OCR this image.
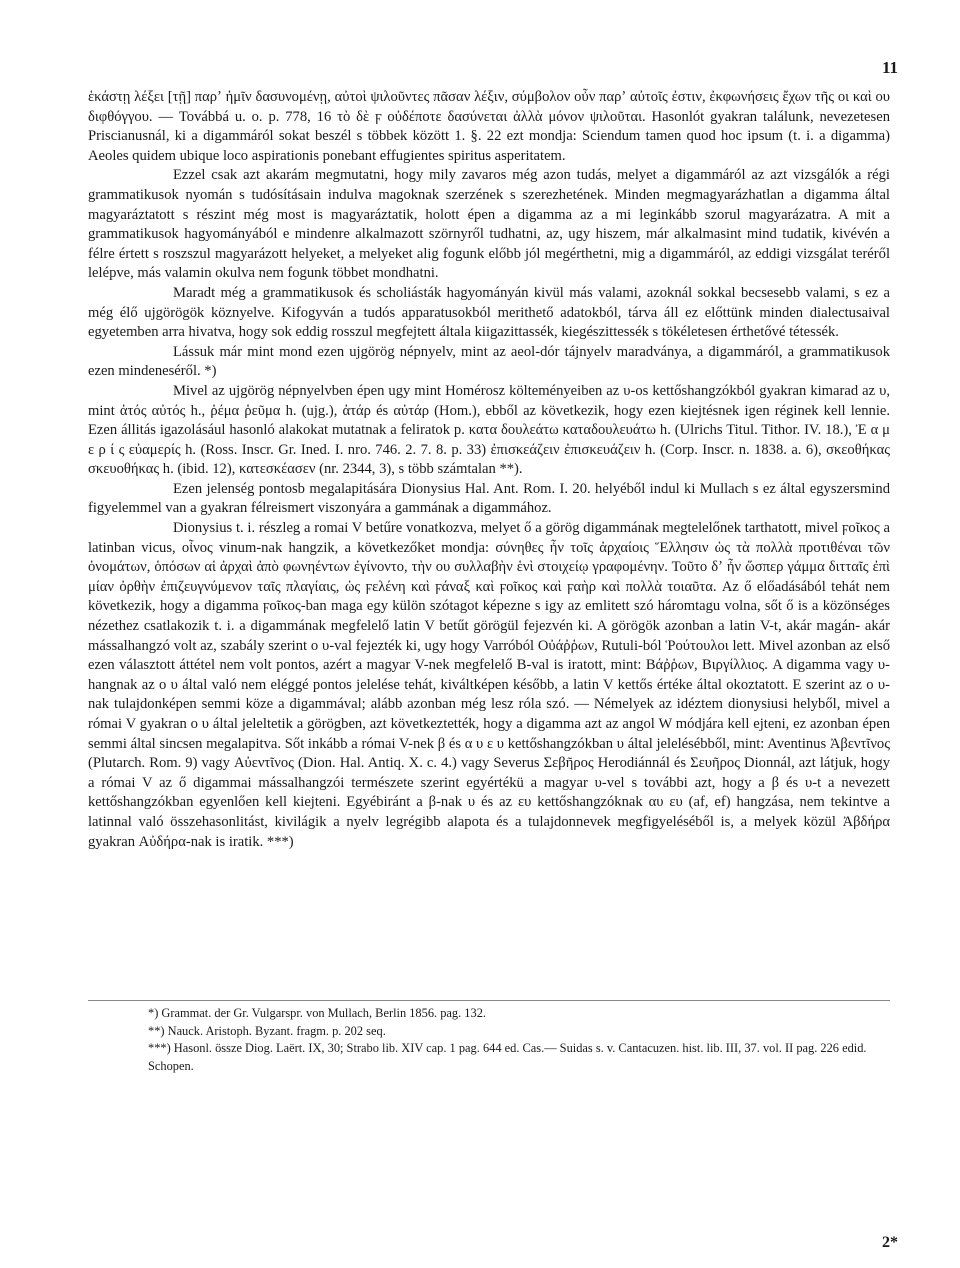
11

ἑκάστῃ λέξει [τῇ] παρʼ ἡμῖν δασυνομένῃ, αὐτοὶ ψιλοῦντες πᾶσαν λέξιν, σύμβολον οὖν παρʼ αὐτοῖς ἐστιν, ἐκφωνήσεις ἔχων τῆς οι καὶ ου διφθόγγου. — Továbbá u. o. p. 778, 16 τὸ δὲ ϝ οὐδέποτε δασύνεται ἀλλὰ μόνον ψιλοῦται. Hasonlót gyakran találunk, nevezetesen Priscianusnál, ki a digammáról sokat beszél s többek között 1. §. 22 ezt mondja: Sciendum tamen quod hoc ipsum (t. i. a digamma) Aeoles quidem ubique loco aspirationis ponebant effugientes spiritus asperitatem.

Ezzel csak azt akarám megmutatni, hogy mily zavaros még azon tudás, melyet a digammáról az azt vizsgálók a régi grammatikusok nyomán s tudósításain indulva magoknak szerzének s szerezhetének. Minden megmagyarázhatlan a digamma által magyaráztatott s részint még most is magyaráztatik, holott épen a digamma az a mi leginkább szorul magyarázatra. A mit a grammatikusok hagyományából e mindenre alkalmazott szörnyről tudhatni, az, ugy hiszem, már alkalmasint mind tudatik, kivévén a félre értett s roszszul magyarázott helyeket, a melyeket alig fogunk előbb jól megérthetni, mig a digammáról, az eddigi vizsgálat teréről lelépve, más valamin okulva nem fogunk többet mondhatni.

Maradt még a grammatikusok és scholiásták hagyományán kivül más valami, azoknál sokkal becsesebb valami, s ez a még élő ujgörögök köznyelve. Kifogyván a tudós apparatusokból merithető adatokból, tárva áll ez előttünk minden dialectusaival egyetemben arra hivatva, hogy sok eddig rosszul megfejtett általa kiigazittassék, kiegészittessék s tökéletesen érthetővé tétessék.

Lássuk már mint mond ezen ujgörög népnyelv, mint az aeol-dór tájnyelv maradványa, a digammáról, a grammatikusok ezen mindeneséről. *)

Mivel az ujgörög népnyelvben épen ugy mint Homérosz költeményeiben az υ-os kettőshangzókból gyakran kimarad az υ, mint ἀτός αὐτός h., ῥέμα ῥεῦμα h. (ujg.), ἀτάρ és αὐτάρ (Hom.), ebből az következik, hogy ezen kiejtésnek igen réginek kell lennie. Ezen állitás igazolásául hasonló alakokat mutatnak a feliratok p. κατα δουλεάτω καταδουλευάτω h. (Ulrichs Titul. Tithor. IV. 18.), Ἐ α μ ε ρ ί ς εὐαμερίς h. (Ross. Inscr. Gr. Ined. I. nro. 746. 2. 7. 8. p. 33) ἐπισκεάζειν ἐπισκευάζειν h. (Corp. Inscr. n. 1838. a. 6), σκεοθήκας σκευοθήκας h. (ibid. 12), κατεσκέασεν (nr. 2344, 3), s több számtalan **).

Ezen jelenség pontosb megalapitására Dionysius Hal. Ant. Rom. I. 20. helyéből indul ki Mullach s ez által egyszersmind figyelemmel van a gyakran félreismert viszonyára a gammának a digammához.

Dionysius t. i. részleg a romai V betűre vonatkozva, melyet ő a görög digammának megtelelőnek tarthatott, mivel ϝοῖκος a latinban vicus, οἶνος vinum-nak hangzik, a következőket mondja: σύνηθες ἦν τοῖς ἀρχαίοις Ἕλλησιν ὡς τὰ πολλὰ προτιθέναι τῶν ὀνομάτων, ὁπόσων αἱ ἀρχαὶ ἀπὸ φωνηέντων ἐγίνοντο, τὴν ου συλλαβὴν ἑνὶ στοιχείῳ γραφομένην. Τοῦτο δʼ ἦν ὥσπερ γάμμα διτταῖς ἐπὶ μίαν ὀρθὴν ἐπιζευγνύμενον ταῖς πλαγίαις, ὡς ϝελένη καὶ ϝάναξ καὶ ϝοῖκος καὶ ϝαὴρ καὶ πολλὰ τοιαῦτα. Az ő előadásából tehát nem következik, hogy a digamma ϝοῖκος-ban maga egy külön szótagot képezne s igy az emlitett szó háromtagu volna, sőt ő is a közönséges nézethez csatlakozik t. i. a digammának megfelelő latin V betűt görögül fejezvén ki. A görögök azonban a latin V-t, akár magán- akár mássalhangzó volt az, szabály szerint ο υ-val fejezték ki, ugy hogy Varróból Οὐάῤῥων, Rutuli-ból Ῥούτουλοι lett. Mivel azonban az első ezen választott áttétel nem volt pontos, azért a magyar V-nek megfelelő B-val is iratott, mint: Βάῤῥων, Βιργίλλιος. A digamma vagy υ-hangnak az ο υ által való nem eléggé pontos jelelése tehát, kiváltképen később, a latin V kettős értéke által okoztatott. E szerint az ο υ-nak tulajdonképen semmi köze a digammával; alább azonban még lesz róla szó. — Némelyek az idéztem dionysiusi helyből, mivel a római V gyakran ο υ által jeleltetik a görögben, azt következtették, hogy a digamma azt az angol W módjára kell ejteni, ez azonban épen semmi által sincsen megalapitva. Sőt inkább a római V-nek β és α υ ε υ kettőshangzókban υ által jelelésébből, mint: Aventinus Ἀβεντῖνος (Plutarch. Rom. 9) vagy Αὐεντῖνος (Dion. Hal. Antiq. X. c. 4.) vagy Severus Σεβῆρος Herodiánnál és Σευῆρος Dionnál, azt látjuk, hogy a római V az ő digammai mássalhangzói természete szerint egyértékü a magyar υ-vel s további azt, hogy a β és υ-t a nevezett kettőshangzókban egyenlően kell kiejteni. Egyébiránt a β-nak υ és az ευ kettőshangzóknak αυ ευ (af, ef) hangzása, nem tekintve a latinnal való összehasonlitást, kivilágik a nyelv legrégibb alapota és a tulajdonnevek megfigyeléséből is, a melyek közül Ἀβδήρα gyakran Αὐδήρα-nak is iratik. ***)

*) Grammat. der Gr. Vulgarspr. von Mullach, Berlin 1856. pag. 132.

**) Nauck. Aristoph. Byzant. fragm. p. 202 seq.

***) Hasonl. össze Diog. Laërt. IX, 30; Strabo lib. XIV cap. 1 pag. 644 ed. Cas.— Suidas s. v. Cantacuzen. hist. lib. III, 37. vol. II pag. 226 edid. Schopen.

2*
